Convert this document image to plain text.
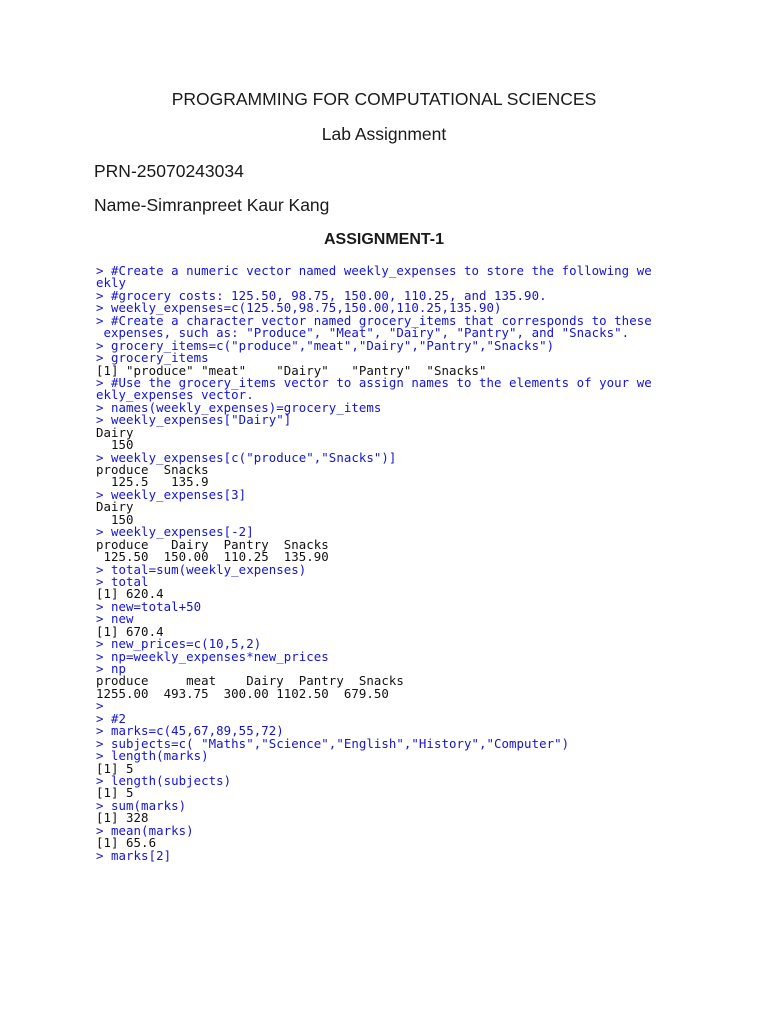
PROGRAMMING FOR COMPUTATIONAL SCIENCES
Lab Assignment
PRN-25070243034
Name-Simranpreet Kaur Kang
ASSIGNMENT-1
> #Create a numeric vector named weekly_expenses to store the following we
ekly
> #grocery costs: 125.50, 98.75, 150.00, 110.25, and 135.90.
> weekly_expenses=c(125.50,98.75,150.00,110.25,135.90)
> #Create a character vector named grocery_items that corresponds to these
expenses, such as: "Produce", "Meat", "Dairy", "Pantry", and "Snacks".
> grocery_items=c("produce","meat","Dairy","Pantry","Snacks")
> grocery_items
[1] "produce" "meat"    "Dairy"   "Pantry"  "Snacks"
> #Use the grocery_items vector to assign names to the elements of your we
ekly_expenses vector.
> names(weekly_expenses)=grocery_items
> weekly_expenses["Dairy"]
Dairy
150
> weekly_expenses[c("produce","Snacks")]
produce  Snacks
125.5   135.9
> weekly_expenses[3]
Dairy
150
> weekly_expenses[-2]
produce   Dairy  Pantry  Snacks
125.50  150.00  110.25  135.90
> total=sum(weekly_expenses)
> total
[1] 620.4
> new=total+50
> new
[1] 670.4
> new_prices=c(10,5,2)
> np=weekly_expenses*new_prices
> np
produce     meat    Dairy  Pantry  Snacks
1255.00  493.75  300.00 1102.50  679.50
>
> #2
> marks=c(45,67,89,55,72)
> subjects=c( "Maths","Science","English","History","Computer")
> length(marks)
[1] 5
> length(subjects)
[1] 5
> sum(marks)
[1] 328
> mean(marks)
[1] 65.6
> marks[2]
